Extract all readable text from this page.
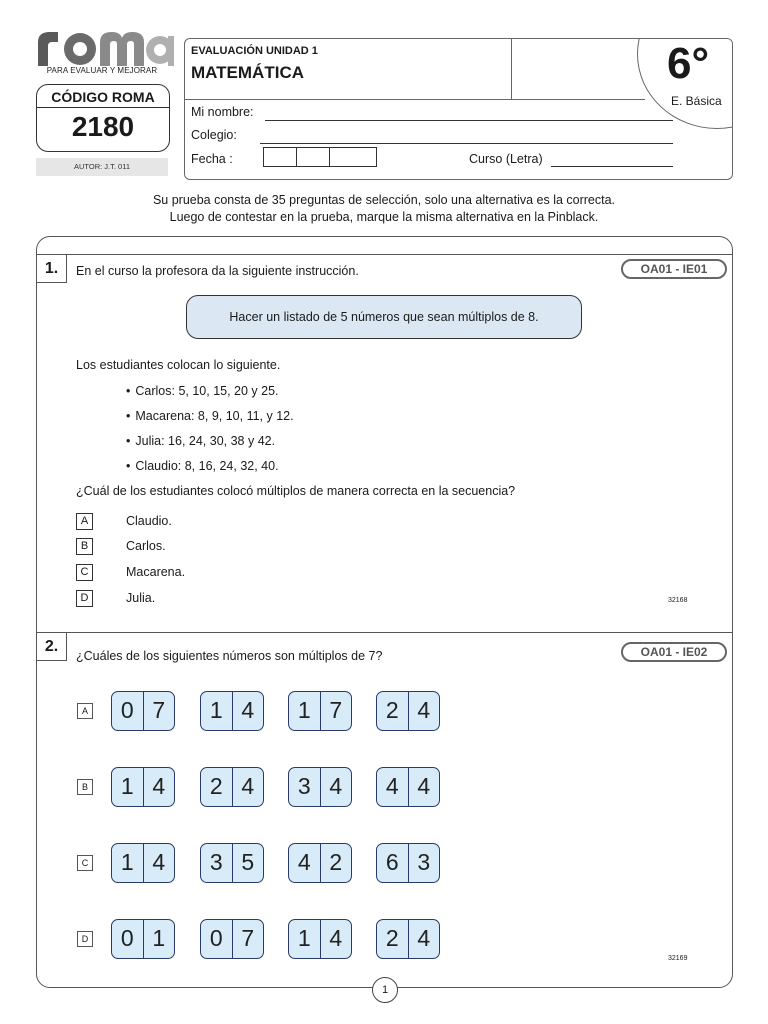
PARA EVALUAR Y MEJORAR
CÓDIGO ROMA
2180
AUTOR: J.T. 011
EVALUACIÓN UNIDAD 1
MATEMÁTICA	6°
E. Básica
Mi nombre:
Colegio:
Fecha :	Curso (Letra)
Su prueba consta de 35 preguntas de selección, solo una alternativa es la correcta.
Luego de contestar en la prueba, marque la misma alternativa en la Pinblack.
1.	En el curso la profesora da la siguiente instrucción.	OA01 - IE01
Hacer un listado de 5 números que sean múltiplos de 8.
Los estudiantes colocan lo siguiente.
• Carlos: 5, 10, 15, 20 y 25.
• Macarena: 8, 9, 10, 11, y 12.
• Julia: 16, 24, 30, 38 y 42.
• Claudio: 8, 16, 24, 32, 40.
¿Cuál de los estudiantes colocó múltiplos de manera correcta en la secuencia?
A	Claudio.
B	Carlos.
C	Macarena.
D	Julia.	32168
2.
¿Cuáles de los siguientes números son múltiplos de 7?	OA01 - IE02
A	0 7	1 4	1 7	2 4
B	1 4	2 4	3 4	4 4
C	1 4	3 5	4 2	6 3
D	0 1	0 7	1 4	2 4
32169
1
